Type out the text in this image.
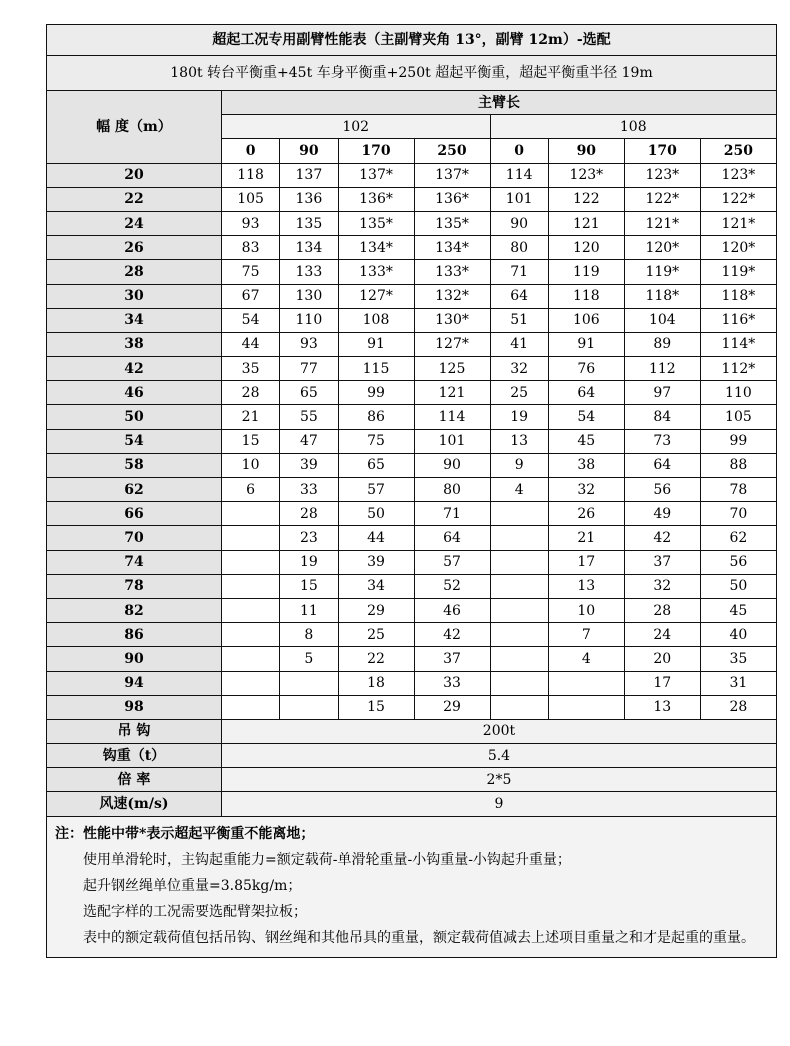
超起工况专用副臂性能表（主副臂夹角 13°，副臂 12m）-选配								
180t 转台平衡重+45t 车身平衡重+250t 超起平衡重，超起平衡重半径 19m								
幅 度（m）	主臂长							
	102				108			
	0	90	170	250	0	90	170	250
20	118	137	137*	137*	114	123*	123*	123*
22	105	136	136*	136*	101	122	122*	122*
24	93	135	135*	135*	90	121	121*	121*
26	83	134	134*	134*	80	120	120*	120*
28	75	133	133*	133*	71	119	119*	119*
30	67	130	127*	132*	64	118	118*	118*
34	54	110	108	130*	51	106	104	116*
38	44	93	91	127*	41	91	89	114*
42	35	77	115	125	32	76	112	112*
46	28	65	99	121	25	64	97	110
50	21	55	86	114	19	54	84	105
54	15	47	75	101	13	45	73	99
58	10	39	65	90	9	38	64	88
62	6	33	57	80	4	32	56	78
66		28	50	71		26	49	70
70		23	44	64		21	42	62
74		19	39	57		17	37	56
78		15	34	52		13	32	50
82		11	29	46		10	28	45
86		8	25	42		7	24	40
90		5	22	37		4	20	35
94			18	33			17	31
98			15	29			13	28
吊 钩	200t							
钩重（t）	5.4							
倍 率	2*5							
风速(m/s)	9							
注：性能中带*表示超起平衡重不能离地；
使用单滑轮时，主钩起重能力=额定载荷-单滑轮重量-小钩重量-小钩起升重量；
起升钢丝绳单位重量=3.85kg/m；
选配字样的工况需要选配臂架拉板；
表中的额定载荷值包括吊钩、钢丝绳和其他吊具的重量，额定载荷值减去上述项目重量之和才是起重的重量。
